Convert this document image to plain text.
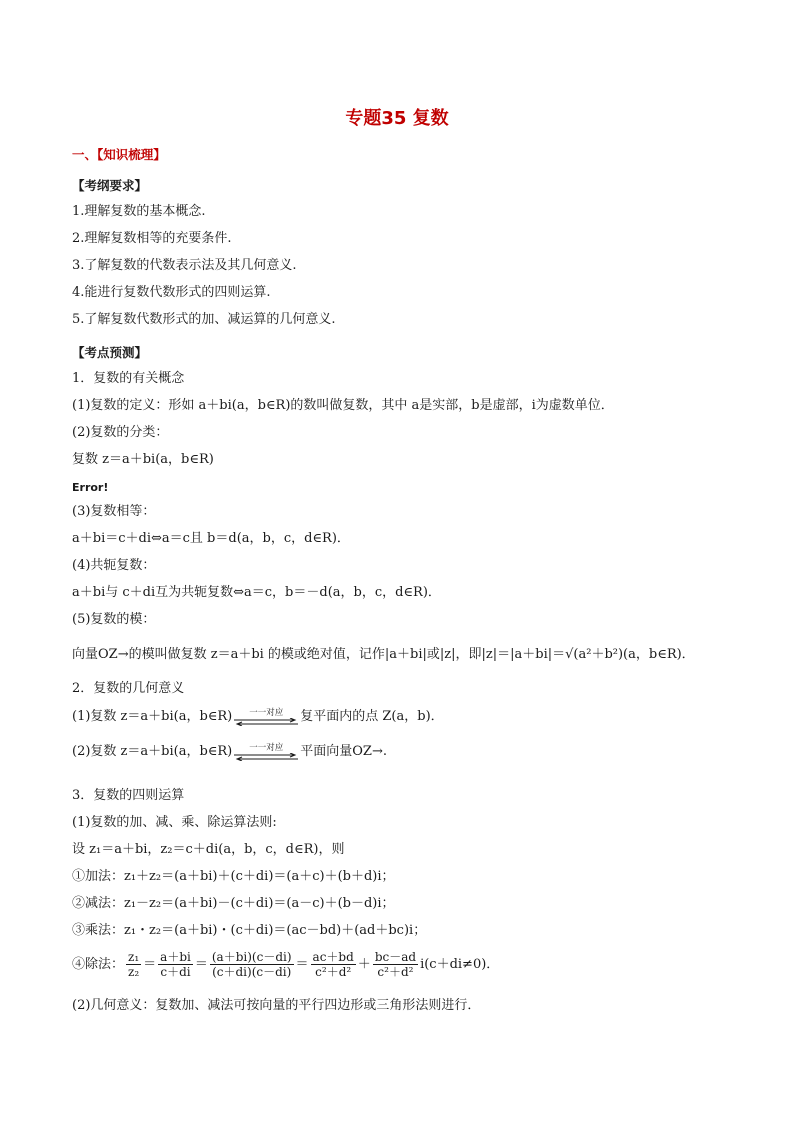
专题35 复数
一、【知识梳理】
【考纲要求】
1.理解复数的基本概念.
2.理解复数相等的充要条件.
3.了解复数的代数表示法及其几何意义.
4.能进行复数代数形式的四则运算.
5.了解复数代数形式的加、减运算的几何意义.
【考点预测】
1．复数的有关概念
(1)复数的定义：形如 a＋bi(a，b∈R)的数叫做复数，其中 a是实部，b是虚部，i为虚数单位．
(2)复数的分类：
复数 z＝a＋bi(a，b∈R)
Error!
(3)复数相等：
a＋bi＝c＋di⇔a＝c且 b＝d(a，b，c，d∈R)．
(4)共轭复数：
a＋bi与 c＋di互为共轭复数⇔a＝c，b＝－d(a，b，c，d∈R)．
(5)复数的模：
向量OZ→的模叫做复数 z＝a＋bi 的模或绝对值，记作|a＋bi|或|z|，即|z|＝|a＋bi|＝√(a²＋b²)(a，b∈R)．
2．复数的几何意义
(1)复数 z＝a＋bi(a，b∈R) 一一对应 复平面内的点 Z(a，b)．
(2)复数 z＝a＋bi(a，b∈R) 一一对应 平面向量OZ→.
3．复数的四则运算
(1)复数的加、减、乘、除运算法则:
设 z₁＝a＋bi，z₂＝c＋di(a，b，c，d∈R)，则
①加法：z₁＋z₂＝(a＋bi)＋(c＋di)＝(a＋c)＋(b＋d)i；
②减法：z₁－z₂＝(a＋bi)－(c＋di)＝(a－c)＋(b－d)i；
③乘法：z₁・z₂＝(a＋bi)・(c＋di)＝(ac－bd)＋(ad＋bc)i；
④除法： $\frac{\text{z₁}}{\text{z₂}} = \frac{a+bi}{c+di} = \frac{(a+bi)(c-di)}{(c+di)(c-di)} = \frac{ac+bd}{\text{c²＋d²}} + \frac{bc-ad}{\text{c²＋d²}} i(c+di\ne 0)$．
(2)几何意义：复数加、减法可按向量的平行四边形或三角形法则进行．
